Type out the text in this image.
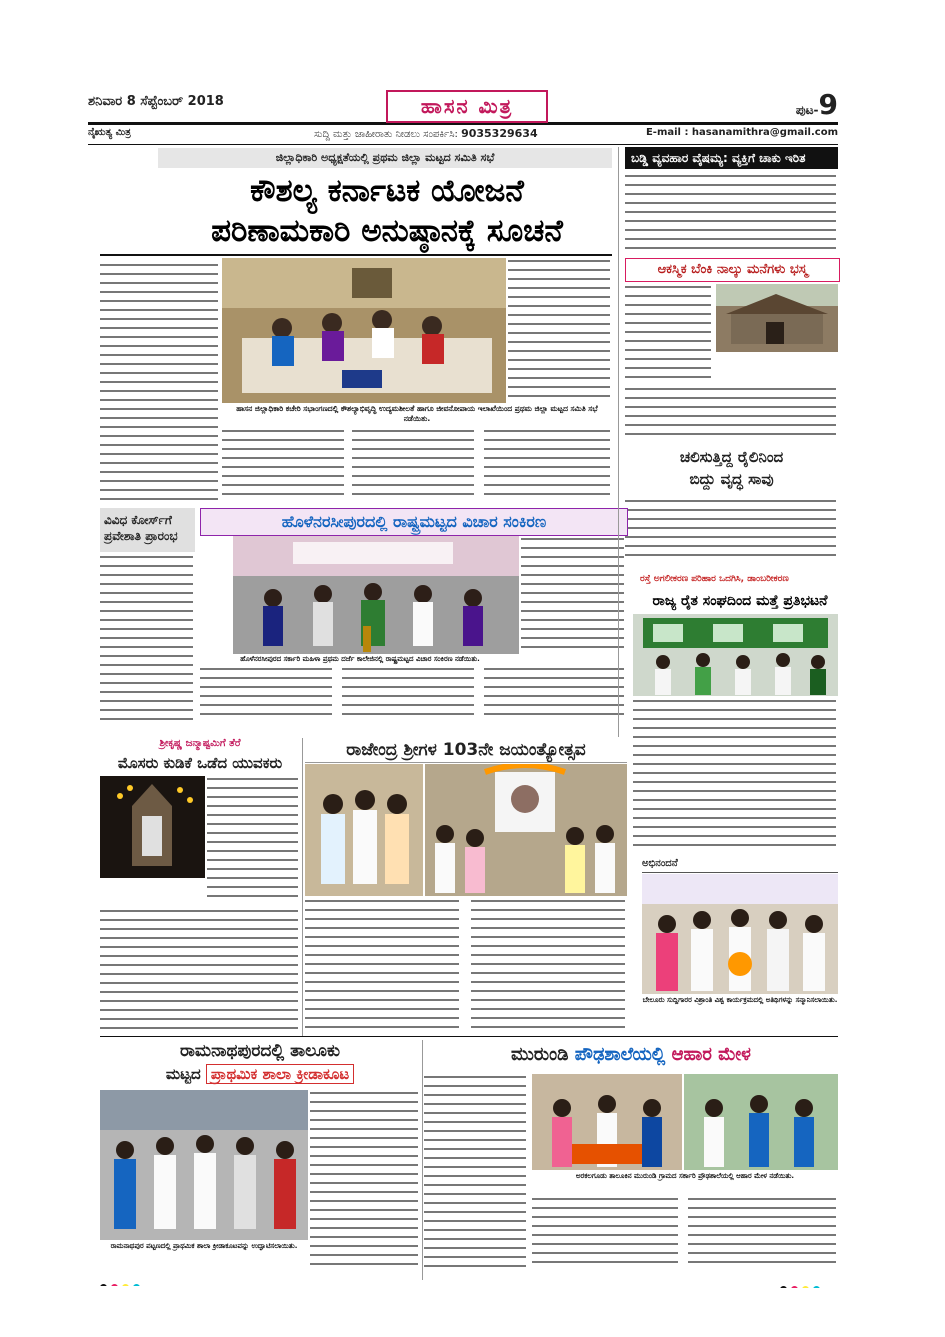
ಶನಿವಾರ 8 ಸೆಪ್ಟೆಂಬರ್ 2018	ಹಾಸನ ಮಿತ್ರ	ಪುಟ-9
ನೈಋತ್ಯ ಮಿತ್ರ	ಸುದ್ದಿ ಮತ್ತು ಜಾಹೀರಾತು ನೀಡಲು ಸಂಪರ್ಕಿಸಿ: 9035329634	E-mail : hasanamithra@gmail.com
ಜಿಲ್ಲಾಧಿಕಾರಿ ಅಧ್ಯಕ್ಷತೆಯಲ್ಲಿ ಪ್ರಥಮ ಜಿಲ್ಲಾ ಮಟ್ಟದ ಸಮಿತಿ ಸಭೆ
ಕೌಶಲ್ಯ ಕರ್ನಾಟಕ ಯೋಜನೆ
ಪರಿಣಾಮಕಾರಿ ಅನುಷ್ಠಾನಕ್ಕೆ ಸೂಚನೆ
ಹಾಸನ ಜಿಲ್ಲಾಧಿಕಾರಿ ಕಚೇರಿ ಸಭಾಂಗಣದಲ್ಲಿ ಕೌಶಲ್ಯಾಭಿವೃದ್ಧಿ ಉದ್ಯಮಶೀಲತೆ ಹಾಗೂ ಜೀವನೋಪಾಯ ಇಲಾಖೆಯಿಂದ ಪ್ರಥಮ ಜಿಲ್ಲಾ ಮಟ್ಟದ ಸಮಿತಿ ಸಭೆ ನಡೆಯಿತು.
ಬಡ್ಡಿ ವ್ಯವಹಾರ ವೈಷಮ್ಯ: ವ್ಯಕ್ತಿಗೆ ಚಾಕು ಇರಿತ
ಆಕಸ್ಮಿಕ ಬೆಂಕಿ ನಾಲ್ಕು ಮನೆಗಳು ಭಸ್ಮ
ಚಲಿಸುತ್ತಿದ್ದ ರೈಲಿನಿಂದ
ಬಿದ್ದು ವೃದ್ಧ ಸಾವು
ವಿವಿಧ ಕೋರ್ಸ್‌ಗೆ
ಪ್ರವೇಶಾತಿ ಪ್ರಾರಂಭ
ಹೊಳೆನರಸೀಪುರದಲ್ಲಿ ರಾಷ್ಟ್ರಮಟ್ಟದ ವಿಚಾರ ಸಂಕಿರಣ
ಹೊಳೆನರಸೀಪುರದ ಸರ್ಕಾರಿ ಮಹಿಳಾ ಪ್ರಥಮ ದರ್ಜೆ ಕಾಲೇಜಿನಲ್ಲಿ ರಾಷ್ಟ್ರಮಟ್ಟದ ವಿಚಾರ ಸಂಕಿರಣ ನಡೆಯಿತು.
ರಸ್ತೆ ಅಗಲೀಕರಣ ಪರಿಹಾರ ಒದಗಿಸಿ, ಡಾಂಬರೀಕರಣ
ರಾಜ್ಯ ರೈತ ಸಂಘದಿಂದ ಮತ್ತೆ ಪ್ರತಿಭಟನೆ
ಶ್ರೀಕೃಷ್ಣ ಜನ್ಮಾಷ್ಟಮಿಗೆ ತೆರೆ
ಮೊಸರು ಕುಡಿಕೆ ಒಡೆದ ಯುವಕರು
ರಾಜೇಂದ್ರ ಶ್ರೀಗಳ 103ನೇ ಜಯಂತ್ಯೋತ್ಸವ
ಅಭಿನಂದನೆ
ಬೇಲೂರು ಸುದ್ದಿಗಾರರ ವಿಶ್ರಾಂತಿ ವಿಶ್ವ ಕಾರ್ಯಕ್ರಮದಲ್ಲಿ ಅತಿಥಿಗಳನ್ನು ಸನ್ಮಾನಿಸಲಾಯಿತು.
ರಾಮನಾಥಪುರದಲ್ಲಿ ತಾಲೂಕು
ಮಟ್ಟದ ಪ್ರಾಥಮಿಕ ಶಾಲಾ ಕ್ರೀಡಾಕೂಟ
ರಾಮನಾಥಪುರ ಪಟ್ಟಣದಲ್ಲಿ ಪ್ರಾಥಮಿಕ ಶಾಲಾ ಕ್ರೀಡಾಕೂಟವನ್ನು ಉದ್ಘಾಟಿಸಲಾಯಿತು.
ಮುರುಂಡಿ ಪೌಢಶಾಲೆಯಲ್ಲಿ ಆಹಾರ ಮೇಳ
ಅರಕಲಗೂಡು ತಾಲೂಕಿನ ಮುರುಂಡಿ ಗ್ರಾಮದ ಸರ್ಕಾರಿ ಪ್ರೌಢಶಾಲೆಯಲ್ಲಿ ಆಹಾರ ಮೇಳ ನಡೆಯಿತು.
